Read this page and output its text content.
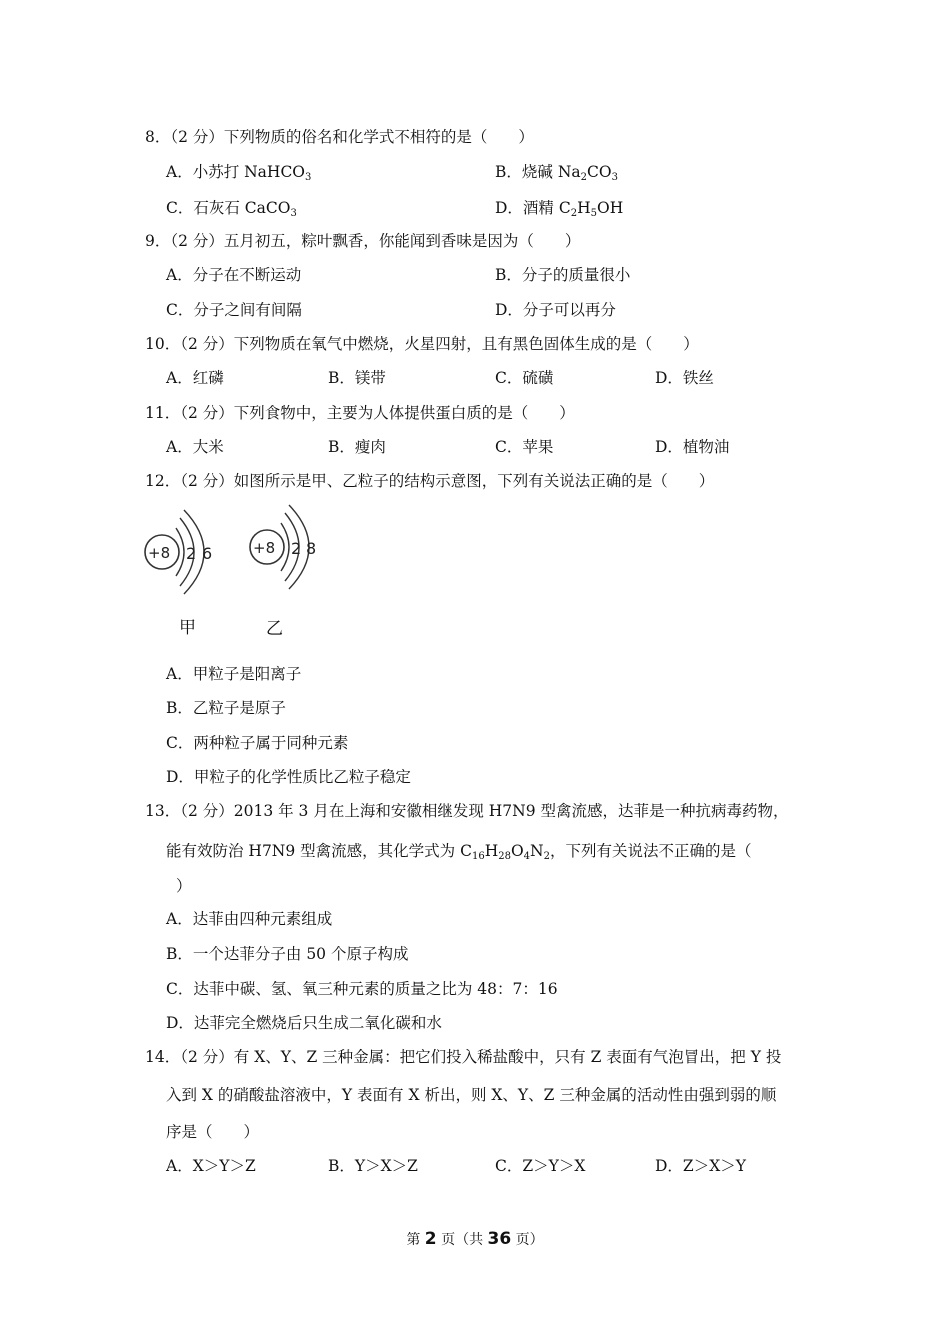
8．（2 分）下列物质的俗名和化学式不相符的是（　　）
A．小苏打 NaHCO$_3$	B．烧碱 $Na_2CO_3$
C．石灰石 CaCO$_3$	D．酒精 $C_2H_5OH$
9．（2 分）五月初五，粽叶飘香，你能闻到香味是因为（　　）
A．分子在不断运动	B．分子的质量很小
C．分子之间有间隔	D．分子可以再分
10．（2 分）下列物质在氧气中燃烧，火星四射，且有黑色固体生成的是（　　）
A．红磷	B．镁带	C．硫磺	D．铁丝
11．（2 分）下列食物中，主要为人体提供蛋白质的是（　　）
A．大米	B．瘦肉	C．苹果	D．植物油
12．（2 分）如图所示是甲、乙粒子的结构示意图，下列有关说法正确的是（　　）
+8 2 6	+8 2 8
甲	乙
A．甲粒子是阳离子
B．乙粒子是原子
C．两种粒子属于同种元素
D．甲粒子的化学性质比乙粒子稳定
13．（2 分）2013 年 3 月在上海和安徽相继发现 H7N9 型禽流感，达菲是一种抗病毒药物，
能有效防治 H7N9 型禽流感，其化学式为 $C_{16}H_{28}O_4N_2$，下列有关说法不正确的是（
）
A．达菲由四种元素组成
B．一个达菲分子由 50 个原子构成
C．达菲中碳、氢、氧三种元素的质量之比为 48：7：16
D．达菲完全燃烧后只生成二氧化碳和水
14．（2 分）有 X、Y、Z 三种金属：把它们投入稀盐酸中，只有 Z 表面有气泡冒出，把 Y 投
入到 X 的硝酸盐溶液中，Y 表面有 X 析出，则 X、Y、Z 三种金属的活动性由强到弱的顺
序是（　　）
A．X＞Y＞Z	B．Y＞X＞Z	C．Z＞Y＞X	D．Z＞X＞Y
第 2 页（共 36 页）
